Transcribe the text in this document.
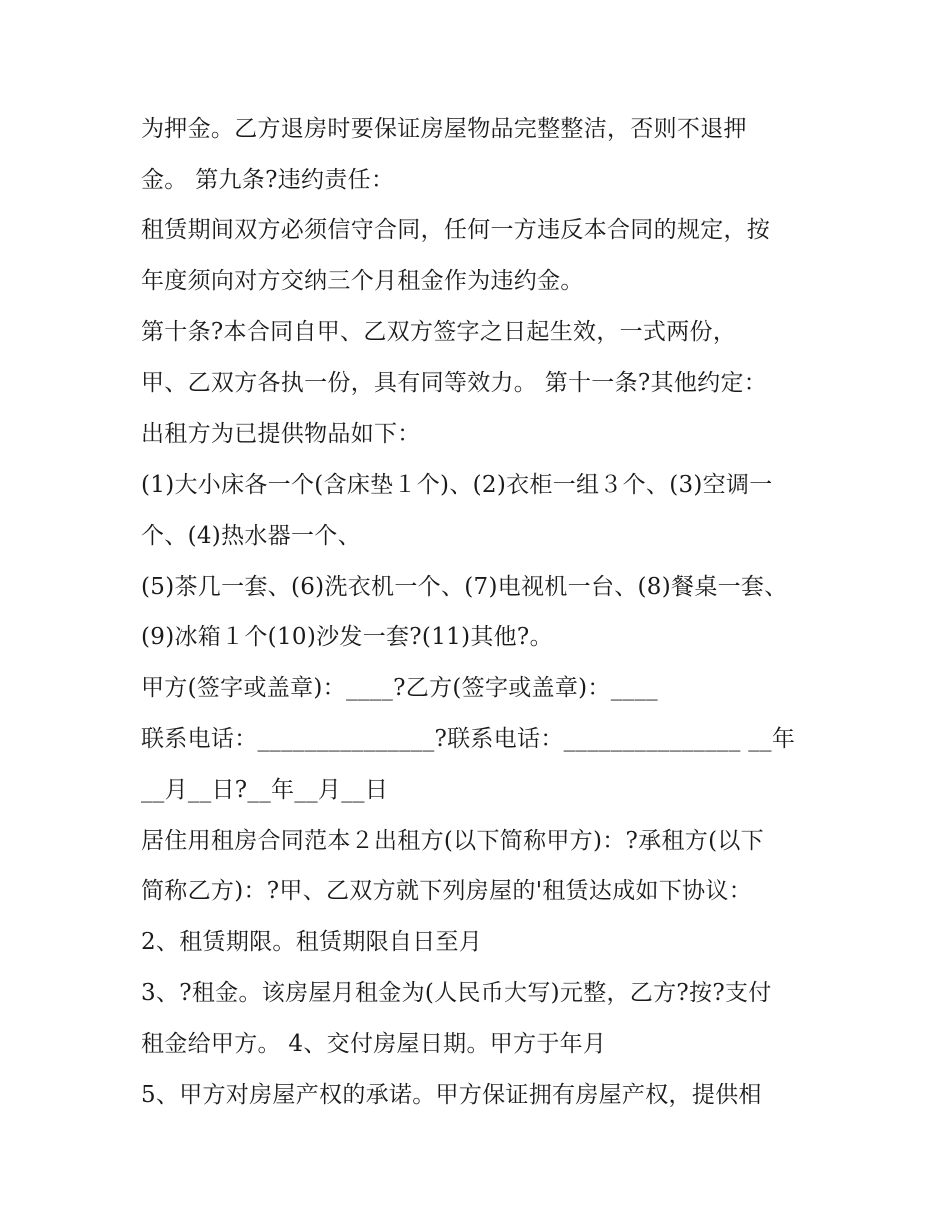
为押金。乙方退房时要保证房屋物品完整整洁，否则不退押
金。 第九条?违约责任：
租赁期间双方必须信守合同，任何一方违反本合同的规定，按
年度须向对方交纳三个月租金作为违约金。
第十条?本合同自甲、乙双方签字之日起生效，一式两份，
甲、乙双方各执一份，具有同等效力。 第十一条?其他约定：
出租方为已提供物品如下：
(1)大小床各一个(含床垫１个)、(2)衣柜一组３个、(3)空调一
个、(4)热水器一个、
(5)茶几一套、(6)洗衣机一个、(7)电视机一台、(8)餐桌一套、
(9)冰箱１个(10)沙发一套?(11)其他?。
甲方(签字或盖章)：____?乙方(签字或盖章)：____
联系电话：_______________?联系电话：_______________ __年
__月__日?__年__月__日
居住用租房合同范本２出租方(以下简称甲方)：?承租方(以下
简称乙方)：?甲、乙双方就下列房屋的'租赁达成如下协议：
2、租赁期限。租赁期限自日至月
3、?租金。该房屋月租金为(人民币大写)元整，乙方?按?支付
租金给甲方。 4、交付房屋日期。甲方于年月
5、甲方对房屋产权的承诺。甲方保证拥有房屋产权，提供相
